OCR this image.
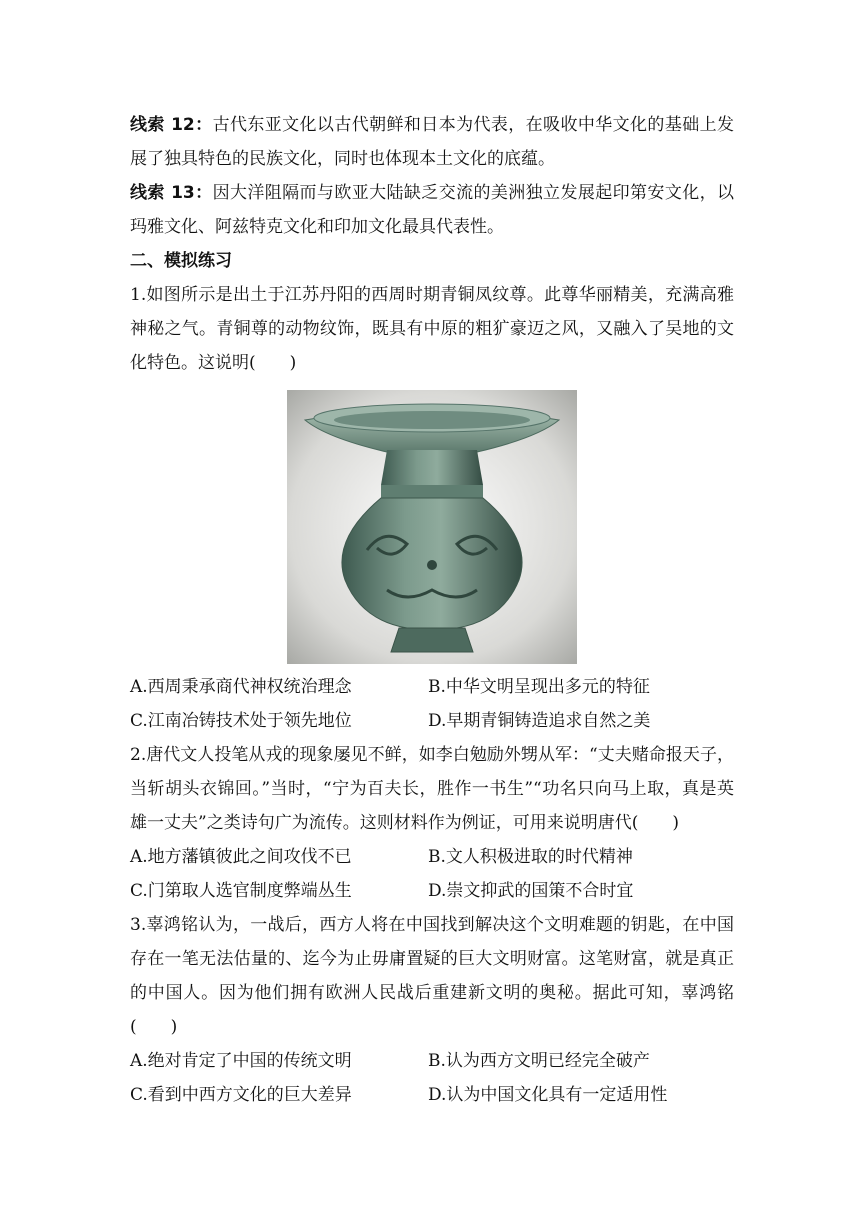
线索 12：古代东亚文化以古代朝鲜和日本为代表，在吸收中华文化的基础上发展了独具特色的民族文化，同时也体现本土文化的底蕴。

线索 13：因大洋阻隔而与欧亚大陆缺乏交流的美洲独立发展起印第安文化，以玛雅文化、阿兹特克文化和印加文化最具代表性。

二、模拟练习

1.如图所示是出土于江苏丹阳的西周时期青铜凤纹尊。此尊华丽精美，充满高雅神秘之气。青铜尊的动物纹饰，既具有中原的粗犷豪迈之风，又融入了吴地的文化特色。这说明(　　)

A.西周秉承商代神权统治理念	B.中华文明呈现出多元的特征
C.江南冶铸技术处于领先地位	D.早期青铜铸造追求自然之美

2.唐代文人投笔从戎的现象屡见不鲜，如李白勉励外甥从军：“丈夫赌命报天子，当斩胡头衣锦回。”当时，“宁为百夫长，胜作一书生”“功名只向马上取，真是英雄一丈夫”之类诗句广为流传。这则材料作为例证，可用来说明唐代(　　)

A.地方藩镇彼此之间攻伐不已	B.文人积极进取的时代精神
C.门第取人选官制度弊端丛生	D.崇文抑武的国策不合时宜

3.辜鸿铭认为，一战后，西方人将在中国找到解决这个文明难题的钥匙，在中国存在一笔无法估量的、迄今为止毋庸置疑的巨大文明财富。这笔财富，就是真正的中国人。因为他们拥有欧洲人民战后重建新文明的奥秘。据此可知，辜鸿铭(　　)

A.绝对肯定了中国的传统文明	B.认为西方文明已经完全破产
C.看到中西方文化的巨大差异	D.认为中国文化具有一定适用性
